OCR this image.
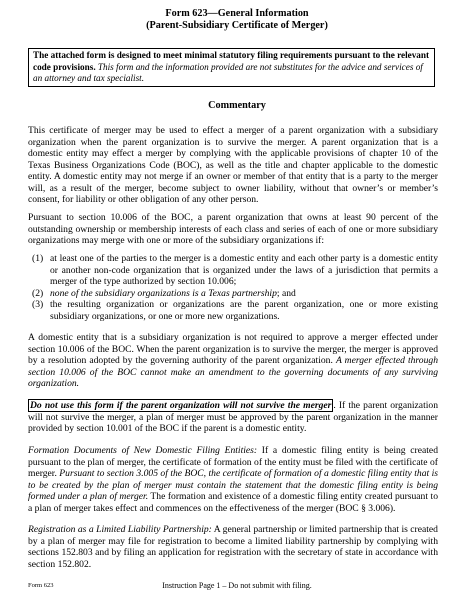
Form 623—General Information
(Parent-Subsidiary Certificate of Merger)
The attached form is designed to meet minimal statutory filing requirements pursuant to the relevant code provisions. This form and the information provided are not substitutes for the advice and services of an attorney and tax specialist.
Commentary
This certificate of merger may be used to effect a merger of a parent organization with a subsidiary organization when the parent organization is to survive the merger. A parent organization that is a domestic entity may effect a merger by complying with the applicable provisions of chapter 10 of the Texas Business Organizations Code (BOC), as well as the title and chapter applicable to the domestic entity. A domestic entity may not merge if an owner or member of that entity that is a party to the merger will, as a result of the merger, become subject to owner liability, without that owner’s or member’s consent, for liability or other obligation of any other person.
Pursuant to section 10.006 of the BOC, a parent organization that owns at least 90 percent of the outstanding ownership or membership interests of each class and series of each of one or more subsidiary organizations may merge with one or more of the subsidiary organizations if:
(1) at least one of the parties to the merger is a domestic entity and each other party is a domestic entity or another non-code organization that is organized under the laws of a jurisdiction that permits a merger of the type authorized by section 10.006;
(2) none of the subsidiary organizations is a Texas partnership; and
(3) the resulting organization or organizations are the parent organization, one or more existing subsidiary organizations, or one or more new organizations.
A domestic entity that is a subsidiary organization is not required to approve a merger effected under section 10.006 of the BOC. When the parent organization is to survive the merger, the merger is approved by a resolution adopted by the governing authority of the parent organization. A merger effected through section 10.006 of the BOC cannot make an amendment to the governing documents of any surviving organization.
Do not use this form if the parent organization will not survive the merger . If the parent organization will not survive the merger, a plan of merger must be approved by the parent organization in the manner provided by section 10.001 of the BOC if the parent is a domestic entity.
Formation Documents of New Domestic Filing Entities: If a domestic filing entity is being created pursuant to the plan of merger, the certificate of formation of the entity must be filed with the certificate of merger. Pursuant to section 3.005 of the BOC, the certificate of formation of a domestic filing entity that is to be created by the plan of merger must contain the statement that the domestic filing entity is being formed under a plan of merger. The formation and existence of a domestic filing entity created pursuant to a plan of merger takes effect and commences on the effectiveness of the merger (BOC § 3.006).
Registration as a Limited Liability Partnership: A general partnership or limited partnership that is created by a plan of merger may file for registration to become a limited liability partnership by complying with sections 152.803 and by filing an application for registration with the secretary of state in accordance with section 152.802.
Form 623	Instruction Page 1 – Do not submit with filing.
